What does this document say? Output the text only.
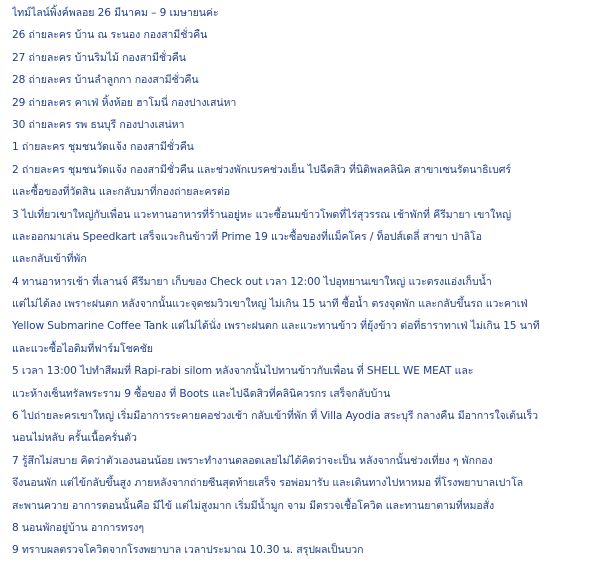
ไทม์ไลน์พิ้งค์พลอย 26 มีนาคม – 9 เมษายนค่ะ
26 ถ่ายละคร บ้าน ณ ระนอง กองสามีชั่วคืน
27 ถ่ายละคร บ้านริมไม้ กองสามีชั่วคืน
28 ถ่ายละคร บ้านลำลูกกา กองสามีชั่วคืน
29 ถ่ายละคร คาเฟ่ หิ้งห้อย ฮาโมนี่ กองปางเสน่หา
30 ถ่ายละคร รพ ธนบุรี กองปางเสน่หา
1 ถ่ายละคร ชุมชนวัดแจ้ง กองสามีชั่วคืน
2 ถ่ายละคร ชุมชนวัดแจ้ง กองสามีชั่วคืน และช่วงพักเบรคช่วงเย็น ไปฉีดสิว ที่นิติพลคลินิค สาขาเซนรัตนาธิเบศร์
และซื้อของที่วัดสิน และกลับมาที่กองถ่ายละครต่อ
3 ไปเที่ยวเขาใหญ่กับเพื่อน แวะทานอาหารที่ร้านอยู่หะ แวะซื้อนมข้าวโพดที่ไร่สุวรรณ เช้าพักที่ คีรีมายา เขาใหญ่
และออกมาเล่น Speedkart เสร็จแวะกินข้าวที่ Prime 19 แวะซื้อของที่แม็คโคร / ท็อปส์เดลี่ สาขา ปาลิโอ
และกลับเข้าที่พัก
4 ทานอาหารเช้า ที่เลานจ์ คีรีมายา เก็บของ Check out เวลา 12:00 ไปอุทยานเขาใหญ่ แวะตรงแอ่งเก็บน้ำ
แต่ไม่ได้ลง เพราะฝนตก หลังจากนั้นแวะจุดชมวิวเขาใหญ่ ไม่เกิน 15 นาที ซื้อน้ำ ตรงจุดพัก และกลับขึ้นรถ แวะคาเฟ่
Yellow Submarine Coffee Tank แต่ไม่ได้นั่ง เพราะฝนตก และแวะทานข้าว ที่ยุ้งข้าว ต่อที่ธาราทาเฟ่ ไม่เกิน 15 นาที
และแวะซื้อไอติมที่ฟาร์มโชคชัย
5 เวลา 13:00 ไปทำสีผมที่ Rapi-rabi silom หลังจากนั้นไปทานข้าวกับเพื่อน ที่ SHELL WE MEAT และ
แวะห้างเซ็นทรัลพระราม 9 ซื้อของ ที่ Boots และไปฉีดสิวที่คลินิควรกร เสร็จกลับบ้าน
6 ไปถ่ายละครเขาใหญ่ เริ่มมีอาการระคายคอช่วงเช้า กลับเข้าที่พัก ที่ Villa Ayodia สระบุรี กลางคืน มีอาการใจเต้นเร็ว
นอนไม่หลับ ครั้นเนื้อครั่นตัว
7 รู้สึกไม่สบาย คิดว่าตัวเองนอนน้อย เพราะทำงานตลอดเลยไม่ได้คิดว่าจะเป็น หลังจากนั้นช่วงเที่ยง ๆ พักกอง
จึงนอนพัก แต่ไข้กลับขึ้นสูง ภายหลังจากถ่ายซีนสุดท้ายเสร็จ รอพ่อมารับ และเดินทางไปหาหมอ ที่โรงพยาบาลเปาโล
สะพานควาย อาการตอนนั้นคือ มีไข้ แต่ไม่สูงมาก เริ่มมีน้ำมูก จาม มีตรวจเชื้อโควิด และทานยาตามที่หมอสั่ง
8 นอนพักอยู่บ้าน อาการทรงๆ
9 ทราบผลตรวจโควิดจากโรงพยาบาล เวลาประมาณ 10.30 น. สรุปผลเป็นบวก
